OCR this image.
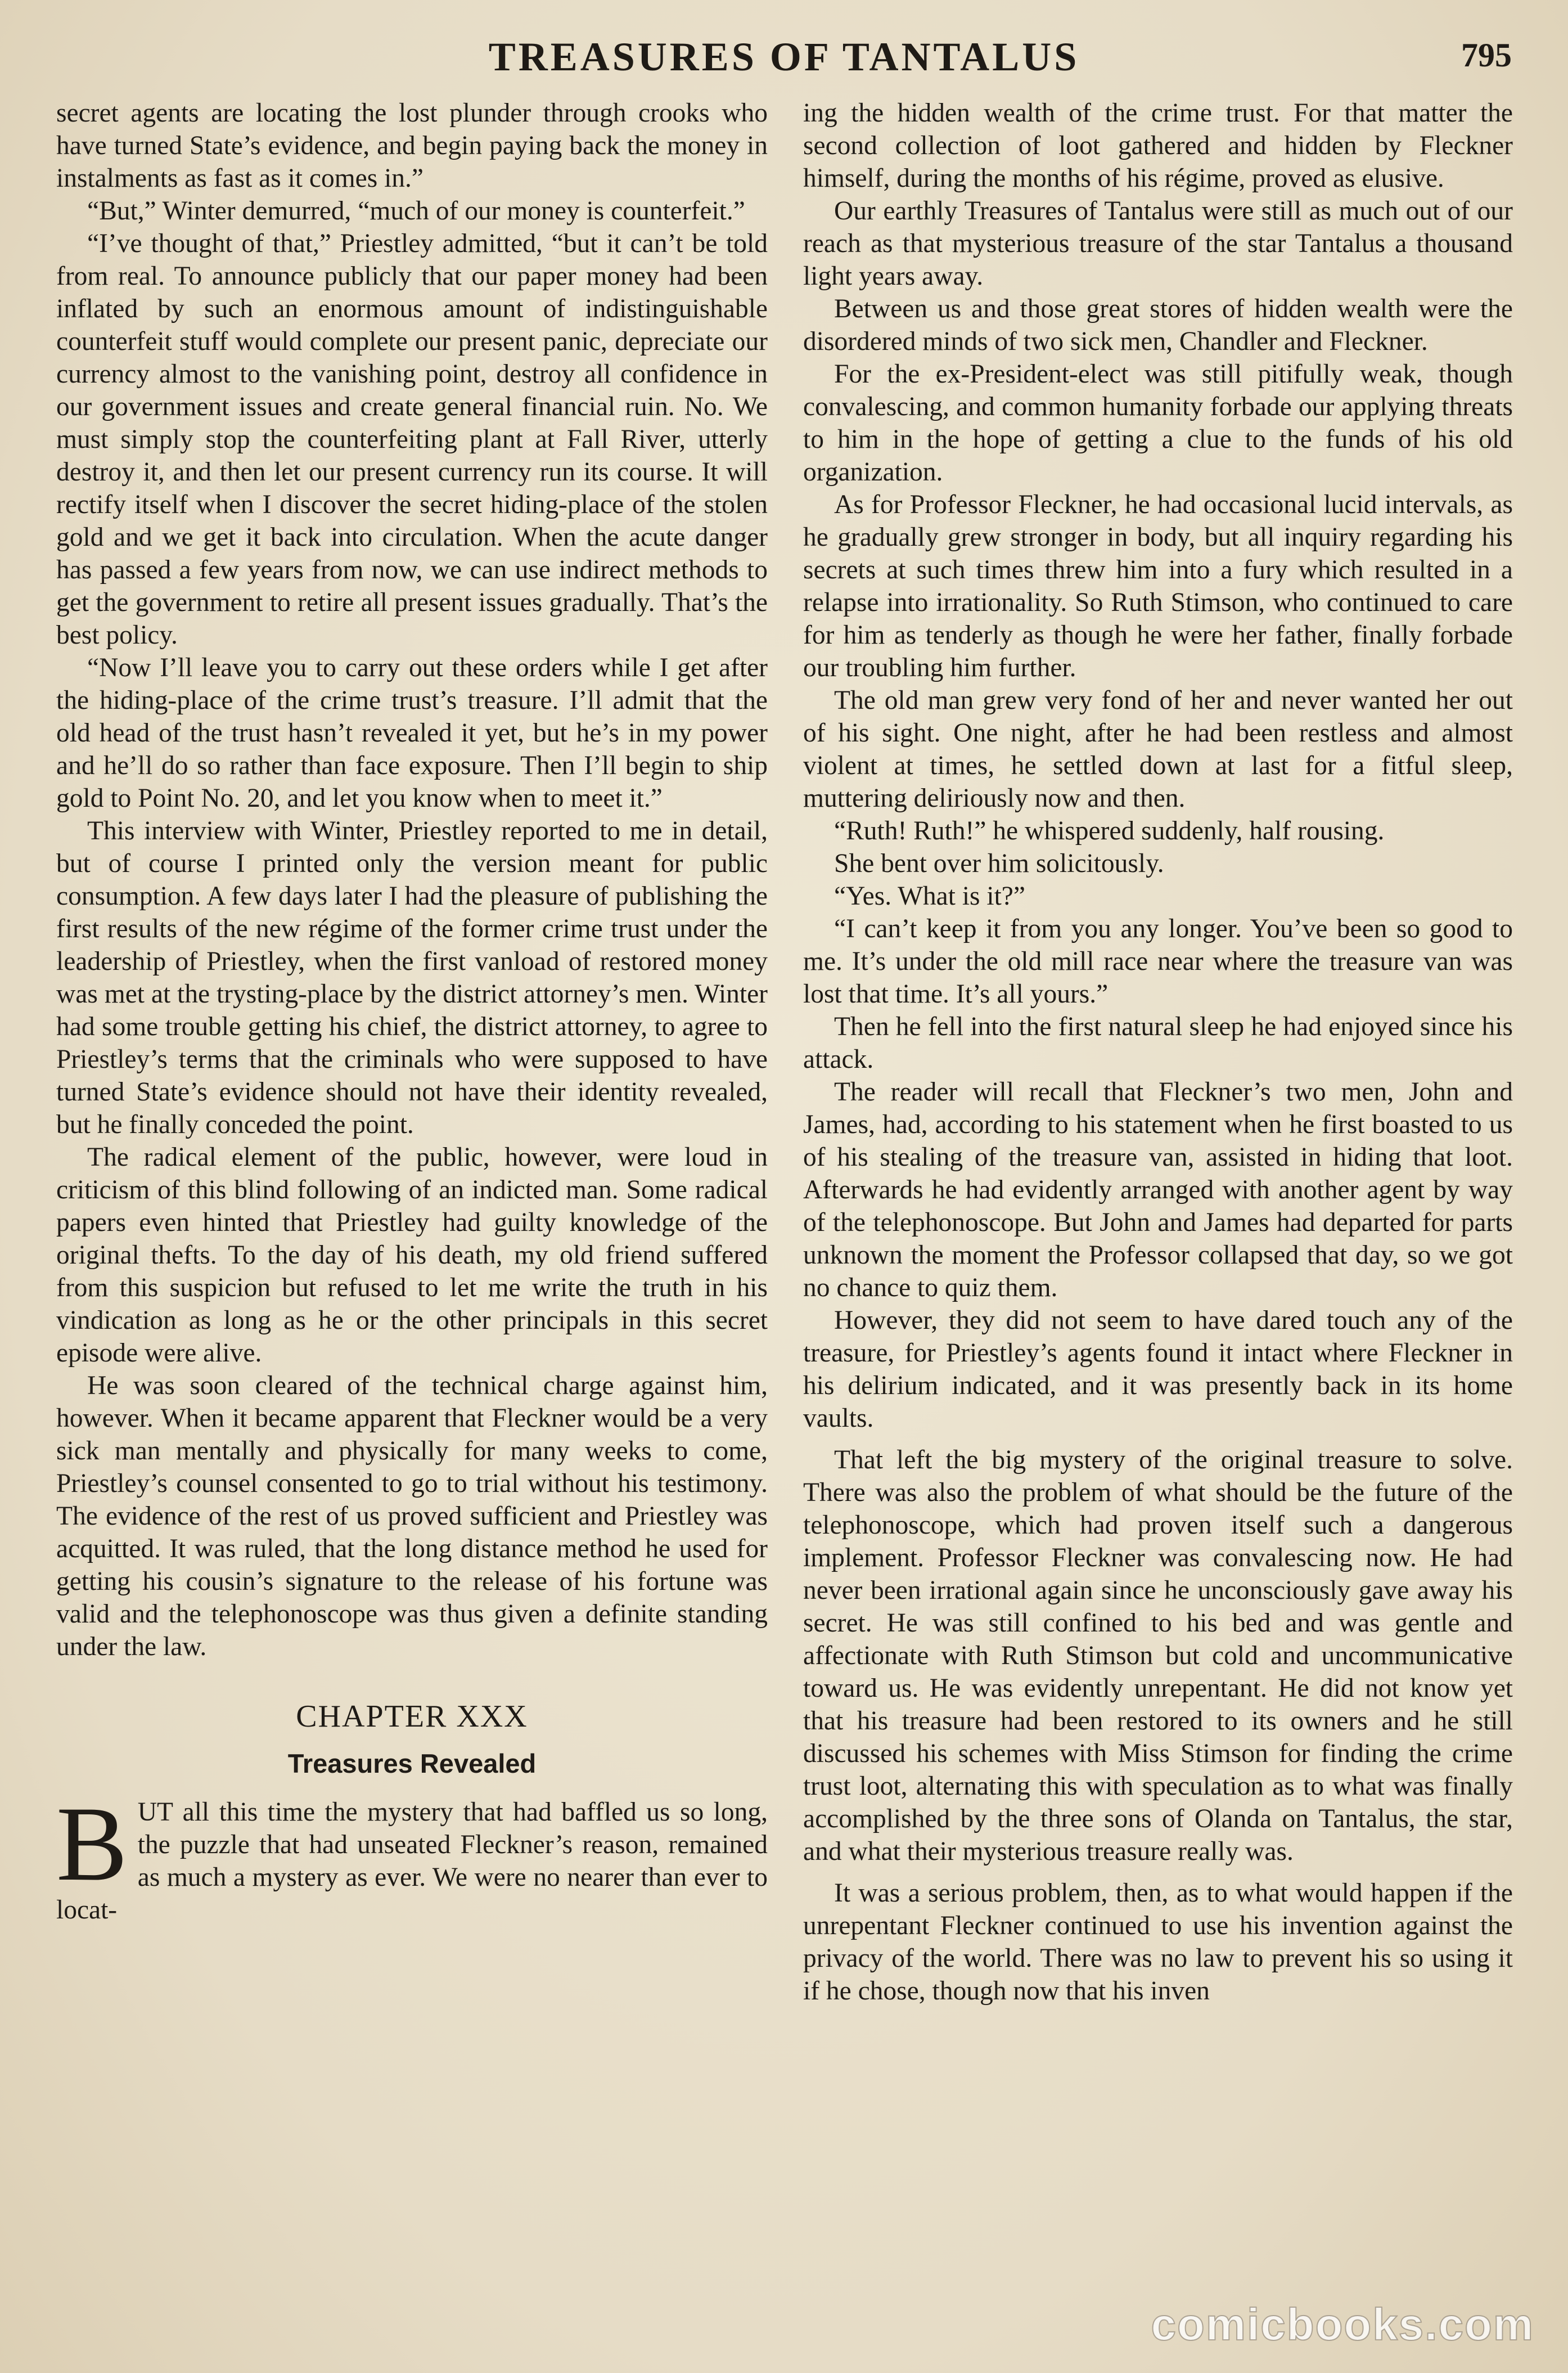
TREASURES OF TANTALUS	795

secret agents are locating the lost plunder through crooks who have turned State’s evidence, and begin paying back the money in instalments as fast as it comes in.”

“But,” Winter demurred, “much of our money is counterfeit.”

“I’ve thought of that,” Priestley admitted, “but it can’t be told from real. To announce publicly that our paper money had been inflated by such an enormous amount of indistinguishable counterfeit stuff would complete our present panic, depreciate our currency almost to the vanishing point, destroy all confidence in our government issues and create general financial ruin. No. We must simply stop the counterfeiting plant at Fall River, utterly destroy it, and then let our present currency run its course. It will rectify itself when I discover the secret hiding-place of the stolen gold and we get it back into circulation. When the acute danger has passed a few years from now, we can use indirect methods to get the government to retire all present issues gradually. That’s the best policy.

“Now I’ll leave you to carry out these orders while I get after the hiding-place of the crime trust’s treasure. I’ll admit that the old head of the trust hasn’t revealed it yet, but he’s in my power and he’ll do so rather than face exposure. Then I’ll begin to ship gold to Point No. 20, and let you know when to meet it.”

This interview with Winter, Priestley reported to me in detail, but of course I printed only the version meant for public consumption. A few days later I had the pleasure of publishing the first results of the new régime of the former crime trust under the leadership of Priestley, when the first vanload of restored money was met at the trysting-place by the district attorney’s men. Winter had some trouble getting his chief, the district attorney, to agree to Priestley’s terms that the criminals who were supposed to have turned State’s evidence should not have their identity revealed, but he finally conceded the point.

The radical element of the public, however, were loud in criticism of this blind following of an indicted man. Some radical papers even hinted that Priestley had guilty knowledge of the original thefts. To the day of his death, my old friend suffered from this suspicion but refused to let me write the truth in his vindication as long as he or the other principals in this secret episode were alive.

He was soon cleared of the technical charge against him, however. When it became apparent that Fleckner would be a very sick man mentally and physically for many weeks to come, Priestley’s counsel consented to go to trial without his testimony. The evidence of the rest of us proved sufficient and Priestley was acquitted. It was ruled, that the long distance method he used for getting his cousin’s signature to the release of his fortune was valid and the telephonoscope was thus given a definite standing under the law.

CHAPTER XXX
Treasures Revealed

BUT all this time the mystery that had baffled us so long, the puzzle that had unseated Fleckner’s reason, remained as much a mystery as ever. We were no nearer than ever to locat-

ing the hidden wealth of the crime trust. For that matter the second collection of loot gathered and hidden by Fleckner himself, during the months of his régime, proved as elusive.

Our earthly Treasures of Tantalus were still as much out of our reach as that mysterious treasure of the star Tantalus a thousand light years away.

Between us and those great stores of hidden wealth were the disordered minds of two sick men, Chandler and Fleckner.

For the ex-President-elect was still pitifully weak, though convalescing, and common humanity forbade our applying threats to him in the hope of getting a clue to the funds of his old organization.

As for Professor Fleckner, he had occasional lucid intervals, as he gradually grew stronger in body, but all inquiry regarding his secrets at such times threw him into a fury which resulted in a relapse into irrationality. So Ruth Stimson, who continued to care for him as tenderly as though he were her father, finally forbade our troubling him further.

The old man grew very fond of her and never wanted her out of his sight. One night, after he had been restless and almost violent at times, he settled down at last for a fitful sleep, muttering deliriously now and then.

“Ruth! Ruth!” he whispered suddenly, half rousing.

She bent over him solicitously.

“Yes. What is it?”

“I can’t keep it from you any longer. You’ve been so good to me. It’s under the old mill race near where the treasure van was lost that time. It’s all yours.”

Then he fell into the first natural sleep he had enjoyed since his attack.

The reader will recall that Fleckner’s two men, John and James, had, according to his statement when he first boasted to us of his stealing of the treasure van, assisted in hiding that loot. Afterwards he had evidently arranged with another agent by way of the telephonoscope. But John and James had departed for parts unknown the moment the Professor collapsed that day, so we got no chance to quiz them.

However, they did not seem to have dared touch any of the treasure, for Priestley’s agents found it intact where Fleckner in his delirium indicated, and it was presently back in its home vaults.

That left the big mystery of the original treasure to solve. There was also the problem of what should be the future of the telephonoscope, which had proven itself such a dangerous implement. Professor Fleckner was convalescing now. He had never been irrational again since he unconsciously gave away his secret. He was still confined to his bed and was gentle and affectionate with Ruth Stimson but cold and uncommunicative toward us. He was evidently unrepentant. He did not know yet that his treasure had been restored to its owners and he still discussed his schemes with Miss Stimson for finding the crime trust loot, alternating this with speculation as to what was finally accomplished by the three sons of Olanda on Tantalus, the star, and what their mysterious treasure really was.

It was a serious problem, then, as to what would happen if the unrepentant Fleckner continued to use his invention against the privacy of the world. There was no law to prevent his so using it if he chose, though now that his inven

comicbooks.com
